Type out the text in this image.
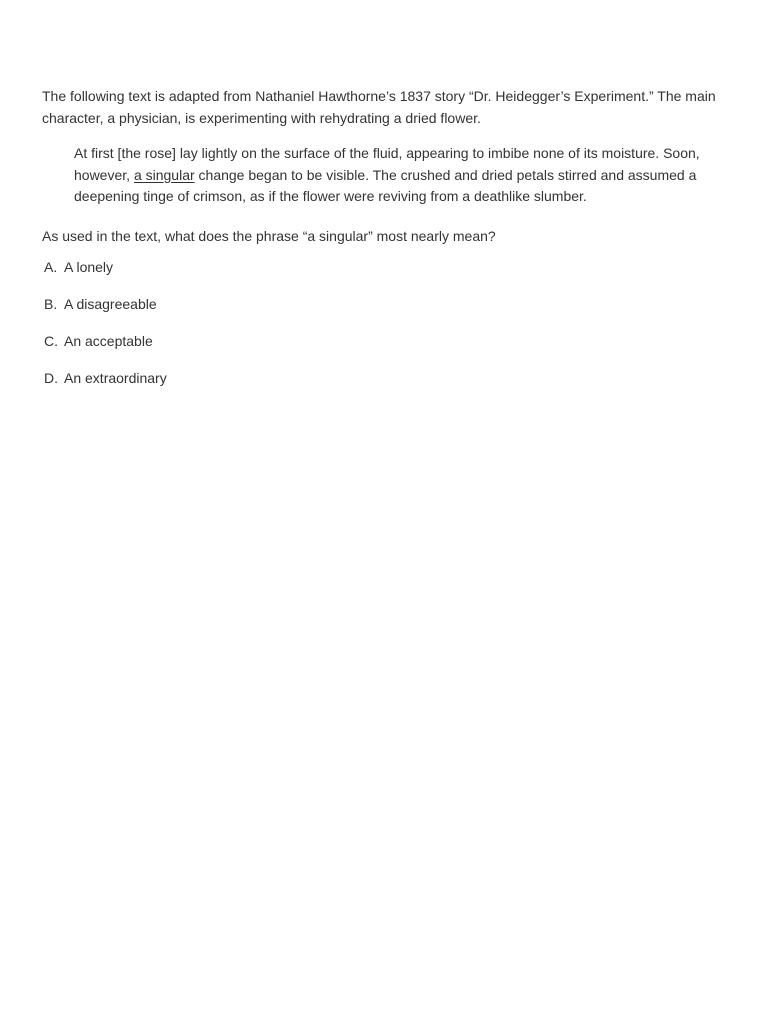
The following text is adapted from Nathaniel Hawthorne’s 1837 story “Dr. Heidegger’s Experiment.” The main character, a physician, is experimenting with rehydrating a dried flower.

At first [the rose] lay lightly on the surface of the fluid, appearing to imbibe none of its moisture. Soon, however, a singular change began to be visible. The crushed and dried petals stirred and assumed a deepening tinge of crimson, as if the flower were reviving from a deathlike slumber.

As used in the text, what does the phrase “a singular” most nearly mean?

A. A lonely
B. A disagreeable
C. An acceptable
D. An extraordinary
